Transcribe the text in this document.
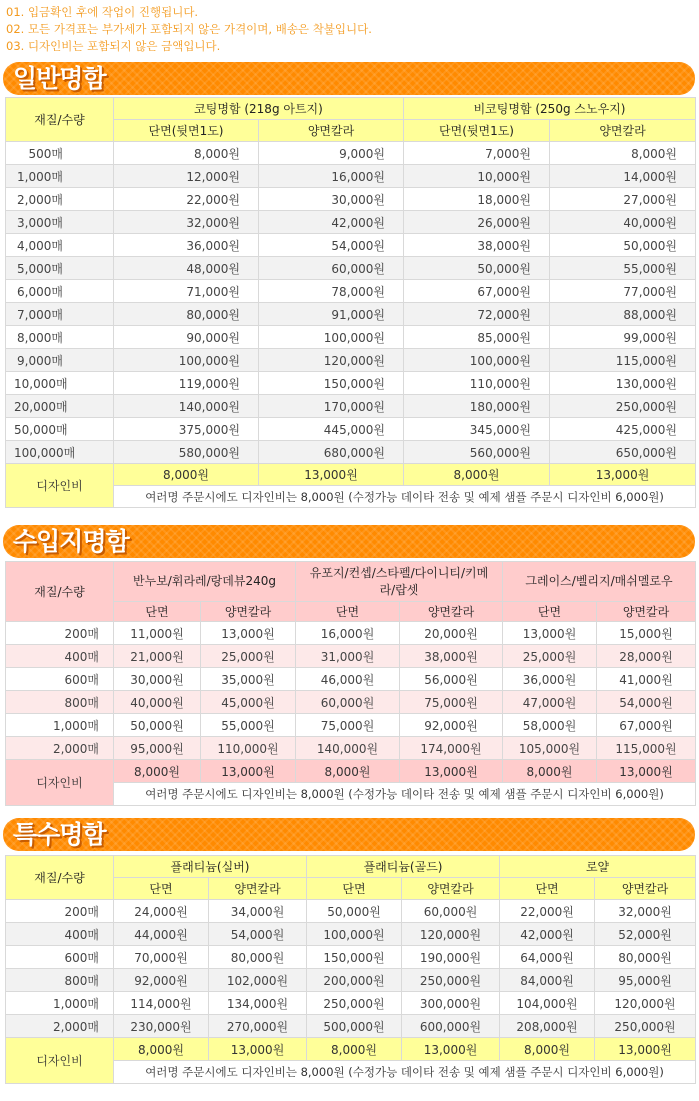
01. 입금확인 후에 작업이 진행됩니다.
02. 모든 가격표는 부가세가 포함되지 않은 가격이며, 배송은 착불입니다.
03. 디자인비는 포함되지 않은 금액입니다.
일반명함
재질/수량	코팅명함 (218g 아트지)		비코팅명함 (250g 스노우지)	
	단면(뒷면1도)	양면칼라	단면(뒷면1도)	양면칼라
500매	8,000원	9,000원	7,000원	8,000원
1,000매	12,000원	16,000원	10,000원	14,000원
2,000매	22,000원	30,000원	18,000원	27,000원
3,000매	32,000원	42,000원	26,000원	40,000원
4,000매	36,000원	54,000원	38,000원	50,000원
5,000매	48,000원	60,000원	50,000원	55,000원
6,000매	71,000원	78,000원	67,000원	77,000원
7,000매	80,000원	91,000원	72,000원	88,000원
8,000매	90,000원	100,000원	85,000원	99,000원
9,000매	100,000원	120,000원	100,000원	115,000원
10,000매	119,000원	150,000원	110,000원	130,000원
20,000매	140,000원	170,000원	180,000원	250,000원
50,000매	375,000원	445,000원	345,000원	425,000원
100,000매	580,000원	680,000원	560,000원	650,000원
디자인비	8,000원	13,000원	8,000원	13,000원
	여러명 주문시에도 디자인비는 8,000원 (수정가능 데이타 전송 및 예제 샘플 주문시 디자인비 6,000원)			
수입지명함
재질/수량	반누보/휘라레/랑데뷰240g		유포지/컨셉/스타펠/다이니티/키메라/랍셋		그레이스/벨리지/매쉬멜로우	
	단면	양면칼라	단면	양면칼라	단면	양면칼라
200매	11,000원	13,000원	16,000원	20,000원	13,000원	15,000원
400매	21,000원	25,000원	31,000원	38,000원	25,000원	28,000원
600매	30,000원	35,000원	46,000원	56,000원	36,000원	41,000원
800매	40,000원	45,000원	60,000원	75,000원	47,000원	54,000원
1,000매	50,000원	55,000원	75,000원	92,000원	58,000원	67,000원
2,000매	95,000원	110,000원	140,000원	174,000원	105,000원	115,000원
디자인비	8,000원	13,000원	8,000원	13,000원	8,000원	13,000원
	여러명 주문시에도 디자인비는 8,000원 (수정가능 데이타 전송 및 예제 샘플 주문시 디자인비 6,000원)					
특수명함
재질/수량	플래티늄(실버)		플래티늄(골드)		로얄	
	단면	양면칼라	단면	양면칼라	단면	양면칼라
200매	24,000원	34,000원	50,000원	60,000원	22,000원	32,000원
400매	44,000원	54,000원	100,000원	120,000원	42,000원	52,000원
600매	70,000원	80,000원	150,000원	190,000원	64,000원	80,000원
800매	92,000원	102,000원	200,000원	250,000원	84,000원	95,000원
1,000매	114,000원	134,000원	250,000원	300,000원	104,000원	120,000원
2,000매	230,000원	270,000원	500,000원	600,000원	208,000원	250,000원
디자인비	8,000원	13,000원	8,000원	13,000원	8,000원	13,000원
	여러명 주문시에도 디자인비는 8,000원 (수정가능 데이타 전송 및 예제 샘플 주문시 디자인비 6,000원)					
